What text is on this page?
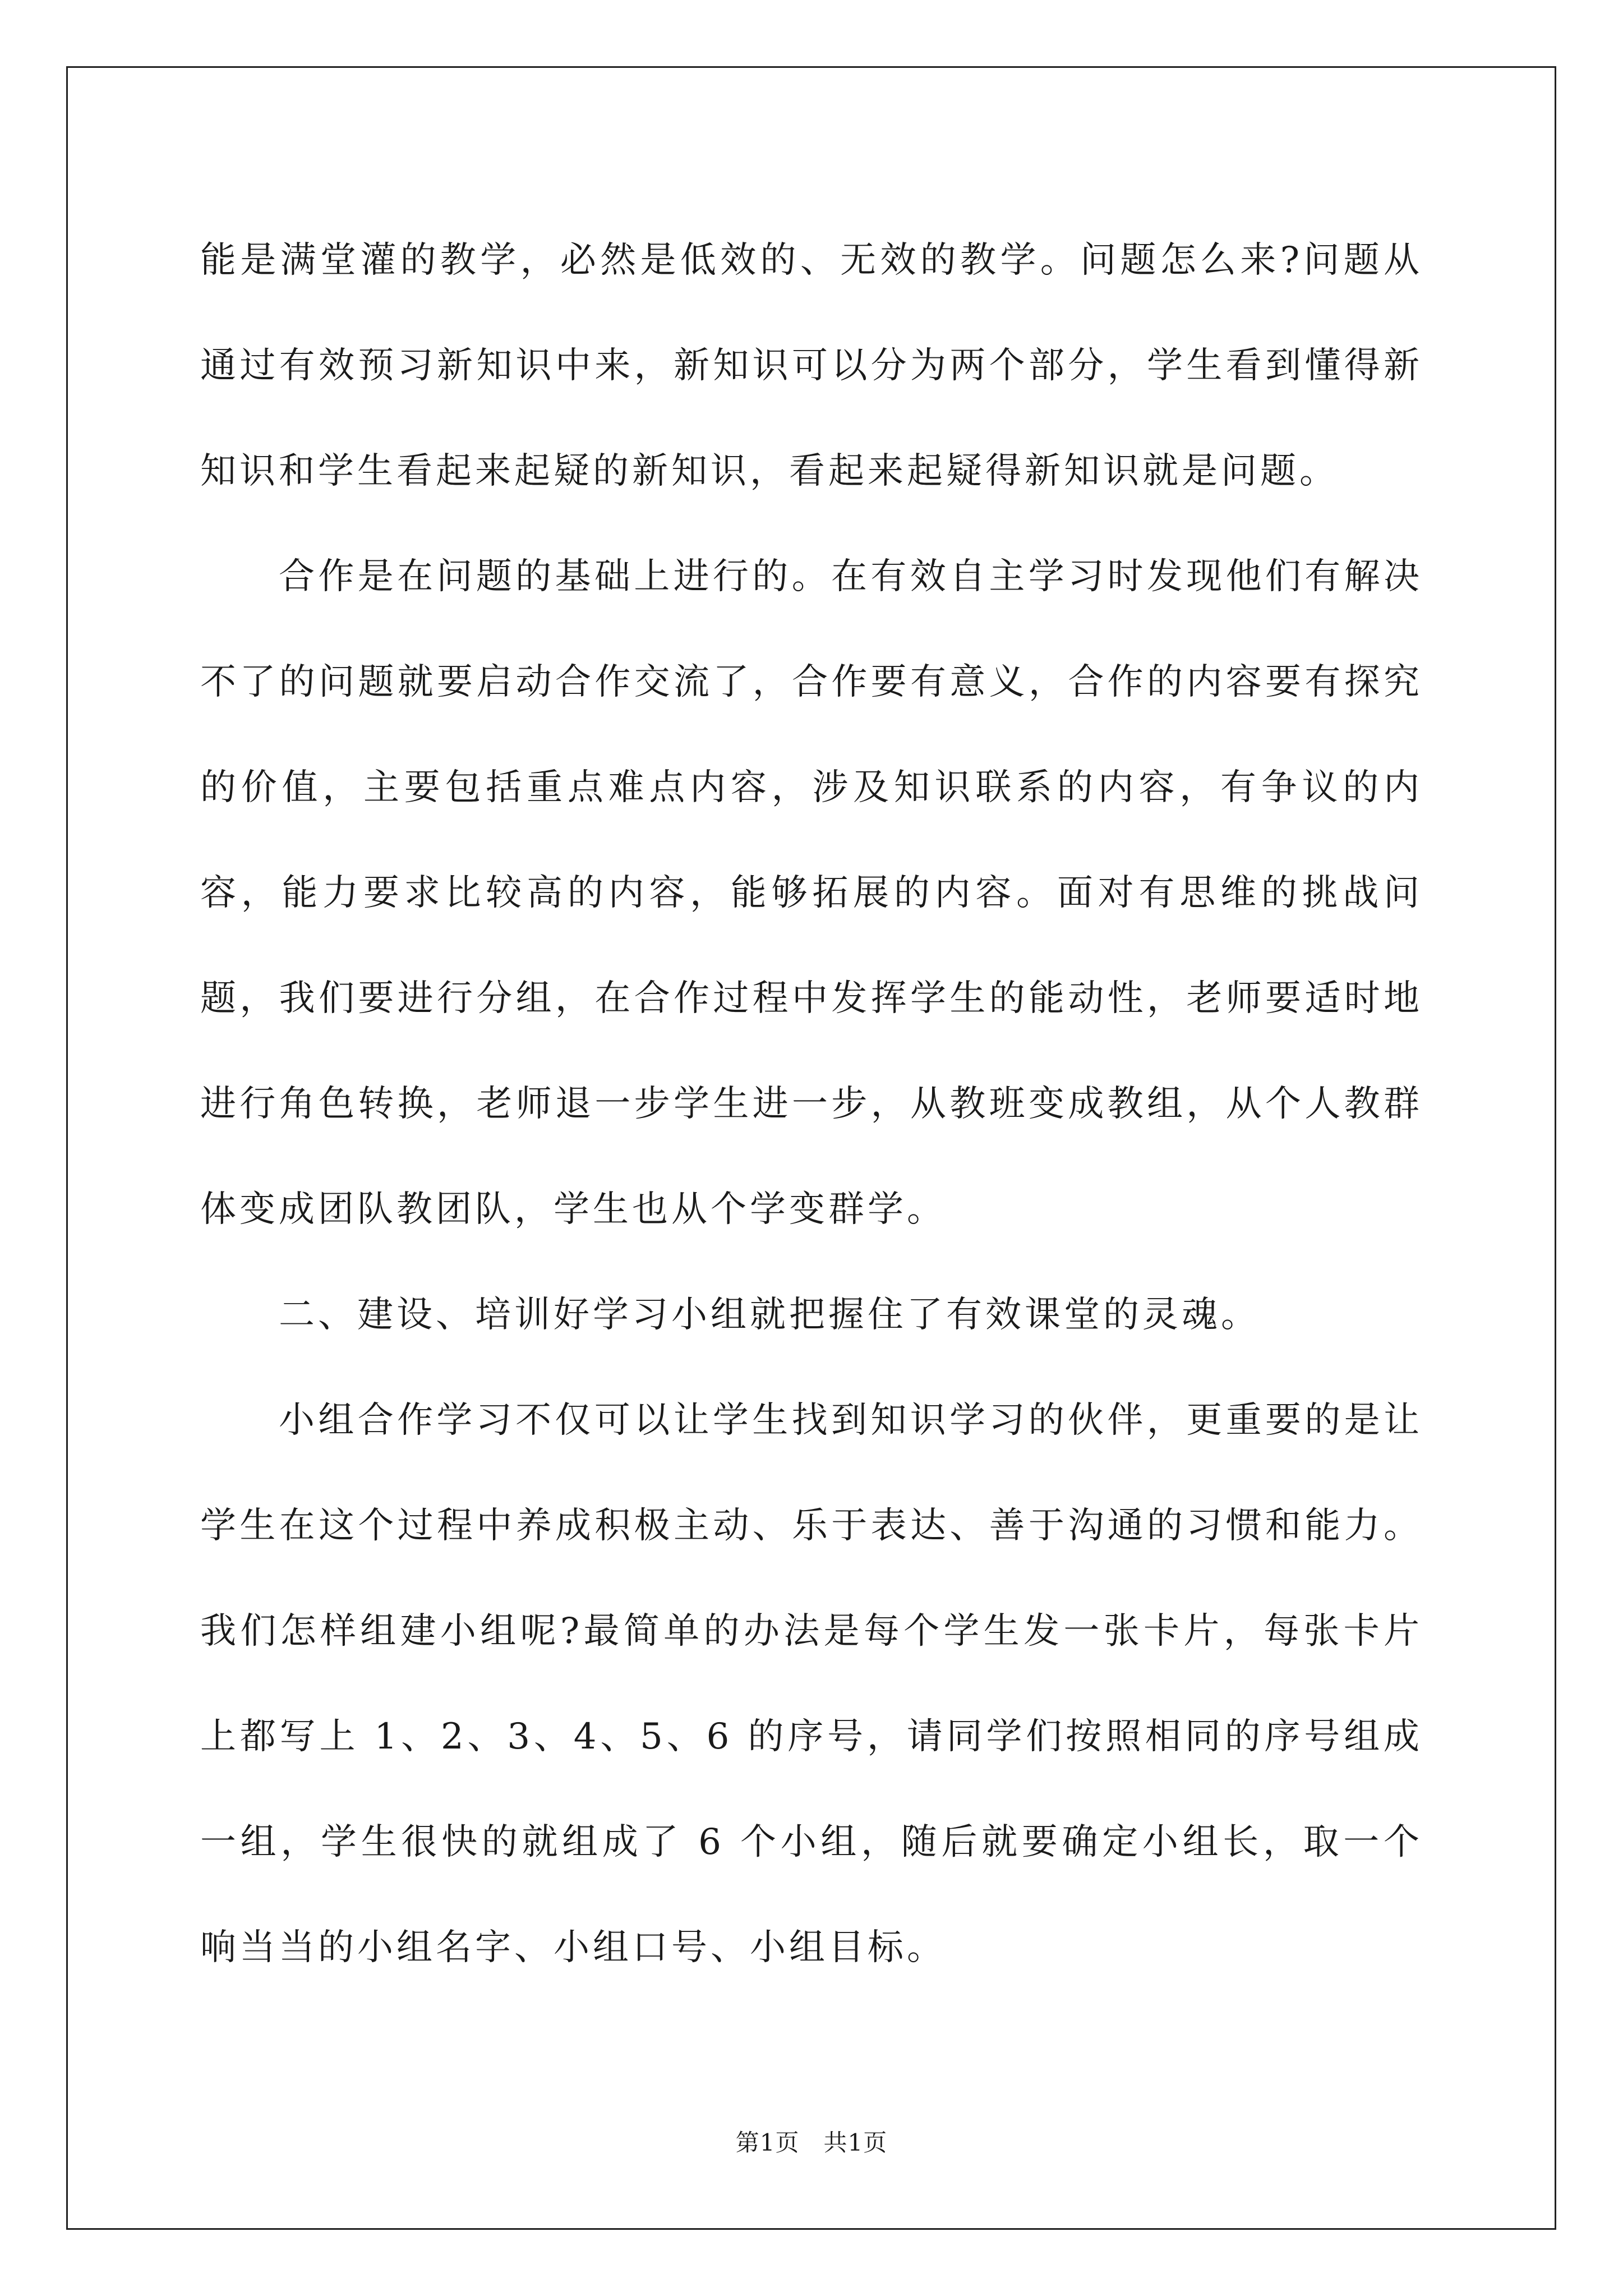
能是满堂灌的教学，必然是低效的、无效的教学。问题怎么来?问题从通过有效预习新知识中来，新知识可以分为两个部分，学生看到懂得新知识和学生看起来起疑的新知识，看起来起疑得新知识就是问题。

合作是在问题的基础上进行的。在有效自主学习时发现他们有解决不了的问题就要启动合作交流了，合作要有意义，合作的内容要有探究的价值，主要包括重点难点内容，涉及知识联系的内容，有争议的内容，能力要求比较高的内容，能够拓展的内容。面对有思维的挑战问题，我们要进行分组，在合作过程中发挥学生的能动性，老师要适时地进行角色转换，老师退一步学生进一步，从教班变成教组，从个人教群体变成团队教团队，学生也从个学变群学。

二、建设、培训好学习小组就把握住了有效课堂的灵魂。

小组合作学习不仅可以让学生找到知识学习的伙伴，更重要的是让学生在这个过程中养成积极主动、乐于表达、善于沟通的习惯和能力。我们怎样组建小组呢?最简单的办法是每个学生发一张卡片，每张卡片上都写上 1、2、3、4、5、6 的序号，请同学们按照相同的序号组成一组，学生很快的就组成了 6 个小组，随后就要确定小组长，取一个响当当的小组名字、小组口号、小组目标。

第1页 共1页
